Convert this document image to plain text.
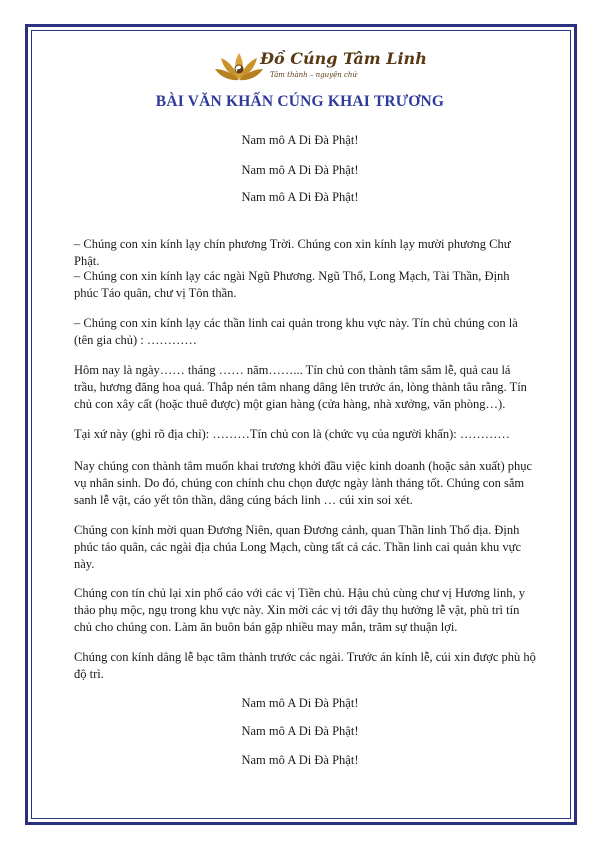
Đồ Cúng Tâm Linh
Tâm thành – nguyện chứ
BÀI VĂN KHẤN CÚNG KHAI TRƯƠNG
Nam mô A Di Đà Phật!
Nam mô A Di Đà Phật!
Nam mô A Di Đà Phật!

– Chúng con xin kính lạy chín phương Trời. Chúng con xin kính lạy mười phương Chư Phật.

– Chúng con xin kính lạy các ngài Ngũ Phương. Ngũ Thổ, Long Mạch, Tài Thần, Định phúc Táo quân, chư vị Tôn thần.

– Chúng con xin kính lạy các thần linh cai quản trong khu vực này. Tín chủ chúng con là (tên gia chủ) : …………

Hôm nay là ngày…… tháng …… năm……... Tín chủ con thành tâm sắm lễ, quả cau lá trầu, hương đăng hoa quả. Thắp nén tâm nhang dâng lên trước án, lòng thành tâu rằng. Tín chủ con xây cất (hoặc thuê được) một gian hàng (cửa hàng, nhà xưởng, văn phòng…).

Tại xứ này (ghi rõ địa chỉ): ………Tín chủ con là (chức vụ của người khấn): …………

Nay chúng con thành tâm muốn khai trương khởi đầu việc kinh doanh (hoặc sản xuất) phục vụ nhân sinh. Do đó, chúng con chính chu chọn được ngày lành tháng tốt. Chúng con sắm sanh lễ vật, cáo yết tôn thần, dâng cúng bách linh … cúi xin soi xét.

Chúng con kính mời quan Đương Niên, quan Đương cảnh, quan Thần linh Thổ địa. Định phúc táo quân, các ngài địa chúa Long Mạch, cùng tất cả các. Thần linh cai quản khu vực này.

Chúng con tín chủ lại xin phổ cáo với các vị Tiền chủ. Hậu chủ cùng chư vị Hương linh, y thảo phụ mộc, ngụ trong khu vực này. Xin mời các vị tới đây thụ hưởng lễ vật, phù trì tín chủ cho chúng con. Làm ăn buôn bán gặp nhiều may mắn, trăm sự thuận lợi.

Chúng con kính dâng lễ bạc tâm thành trước các ngài. Trước án kính lễ, cúi xin được phù hộ độ trì.

Nam mô A Di Đà Phật!
Nam mô A Di Đà Phật!
Nam mô A Di Đà Phật!
